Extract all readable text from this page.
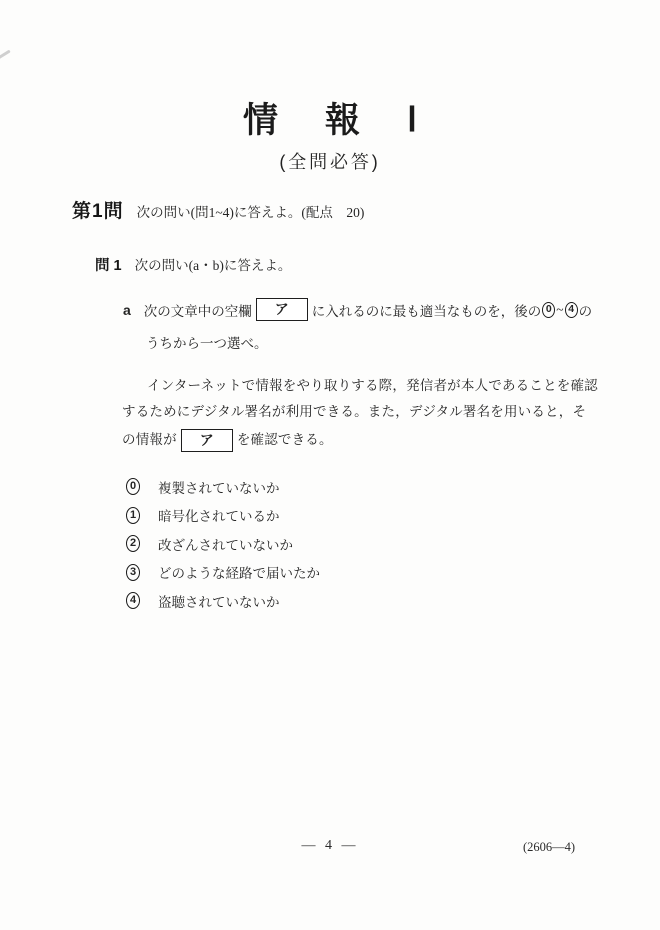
情 報 Ⅰ
(全問必答)
第1問 次の問い(問1~4)に答えよ。(配点　20)
問 1 次の問い(a・b)に答えよ。
a 次の文章中の空欄	ア	に入れるのに最も適当なものを，後の 0 ~ 4 の
うちから一つ選べ。
インターネットで情報をやり取りする際，発信者が本人であることを確認
するためにデジタル署名が利用できる。また，デジタル署名を用いると，そ
の情報が	ア	を確認できる。
0 複製されていないか
1 暗号化されているか
2 改ざんされていないか
3 どのような経路で届いたか
4 盗聴されていないか
— 4 —	(2606—4)
